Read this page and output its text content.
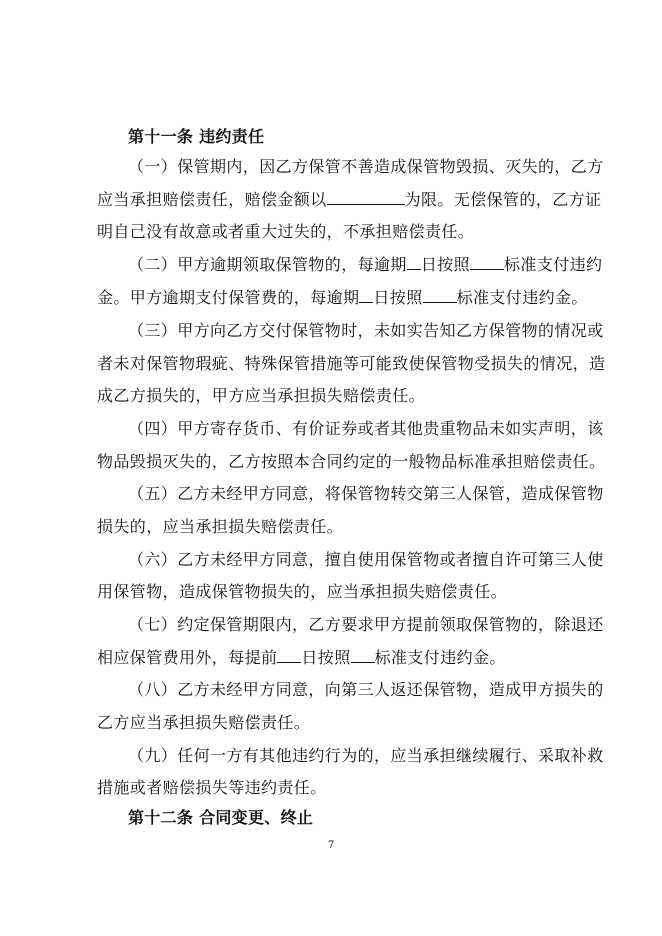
第十一条 违约责任
（一）保管期内，因乙方保管不善造成保管物毁损、灭失的，乙方
应当承担赔偿责任，赔偿金额以	为限。无偿保管的，乙方证
明自己没有故意或者重大过失的，不承担赔偿责任。
（二）甲方逾期领取保管物的，每逾期 日按照 标准支付违约
金。甲方逾期支付保管费的，每逾期 日按照 标准支付违约金。
（三）甲方向乙方交付保管物时，未如实告知乙方保管物的情况或
者未对保管物瑕疵、特殊保管措施等可能致使保管物受损失的情况，造
成乙方损失的，甲方应当承担损失赔偿责任。
（四）甲方寄存货币、有价证券或者其他贵重物品未如实声明，该
物品毁损灭失的，乙方按照本合同约定的一般物品标准承担赔偿责任。
（五）乙方未经甲方同意，将保管物转交第三人保管，造成保管物
损失的，应当承担损失赔偿责任。
（六）乙方未经甲方同意，擅自使用保管物或者擅自许可第三人使
用保管物，造成保管物损失的，应当承担损失赔偿责任。
（七）约定保管期限内，乙方要求甲方提前领取保管物的，除退还
相应保管费用外，每提前 日按照 标准支付违约金。
（八）乙方未经甲方同意，向第三人返还保管物，造成甲方损失的
乙方应当承担损失赔偿责任。
（九）任何一方有其他违约行为的，应当承担继续履行、采取补救
措施或者赔偿损失等违约责任。
第十二条 合同变更、终止
7
